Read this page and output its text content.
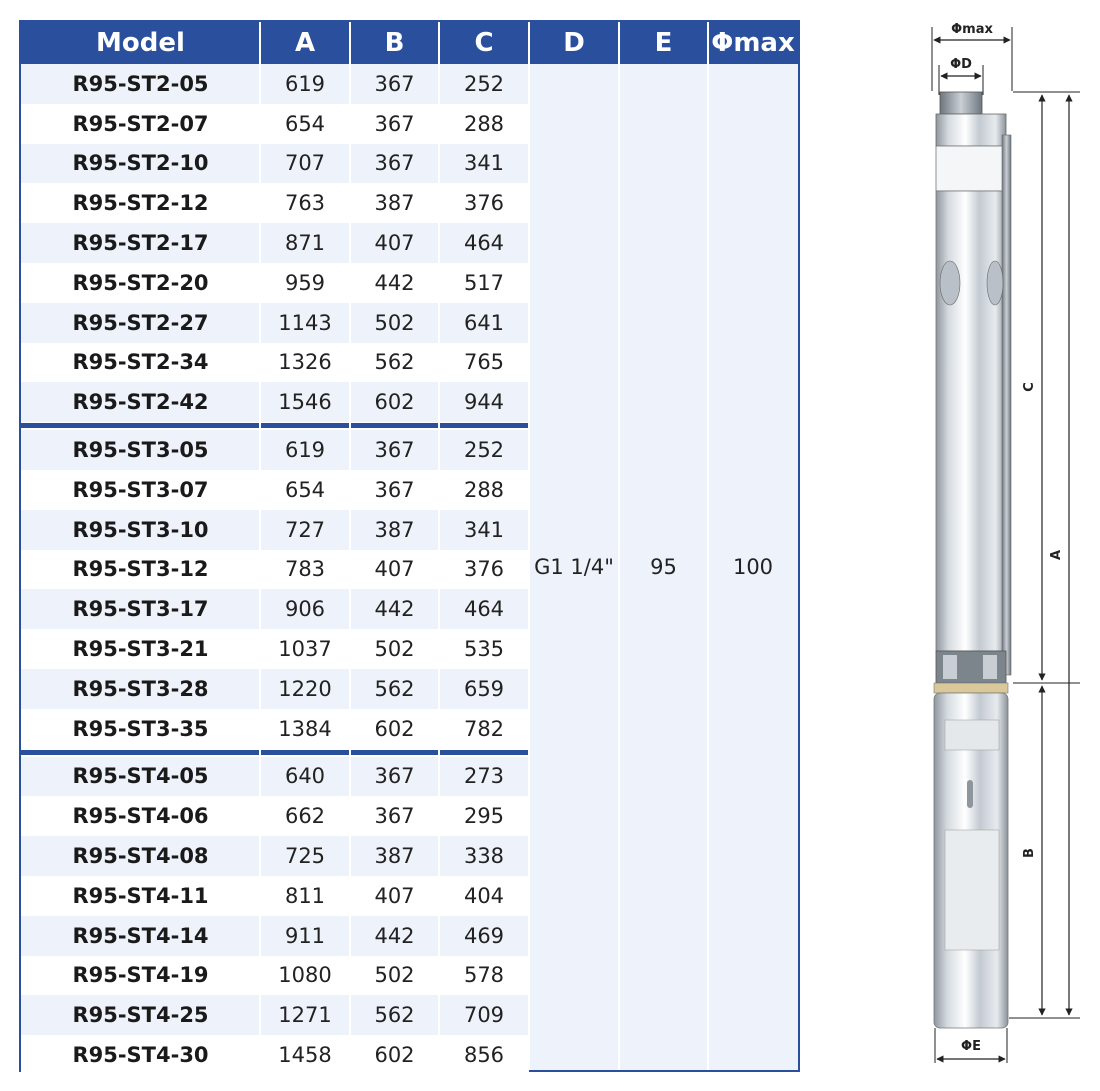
Model	A	B	C	D	E	Φmax
R95-ST2-05	619	367	252
R95-ST2-07	654	367	288
R95-ST2-10	707	367	341
R95-ST2-12	763	387	376
R95-ST2-17	871	407	464
R95-ST2-20	959	442	517
R95-ST2-27	1143	502	641
R95-ST2-34	1326	562	765
R95-ST2-42	1546	602	944
R95-ST3-05	619	367	252
R95-ST3-07	654	367	288
R95-ST3-10	727	387	341
R95-ST3-12	783	407	376
R95-ST3-17	906	442	464
R95-ST3-21	1037	502	535
R95-ST3-28	1220	562	659
R95-ST3-35	1384	602	782
R95-ST4-05	640	367	273
R95-ST4-06	662	367	295
R95-ST4-08	725	387	338
R95-ST4-11	811	407	404
R95-ST4-14	911	442	469
R95-ST4-19	1080	502	578
R95-ST4-25	1271	562	709
R95-ST4-30	1458	602	856
G1 1/4"	95	100
Φmax
ΦD
C
A
B
ΦE
